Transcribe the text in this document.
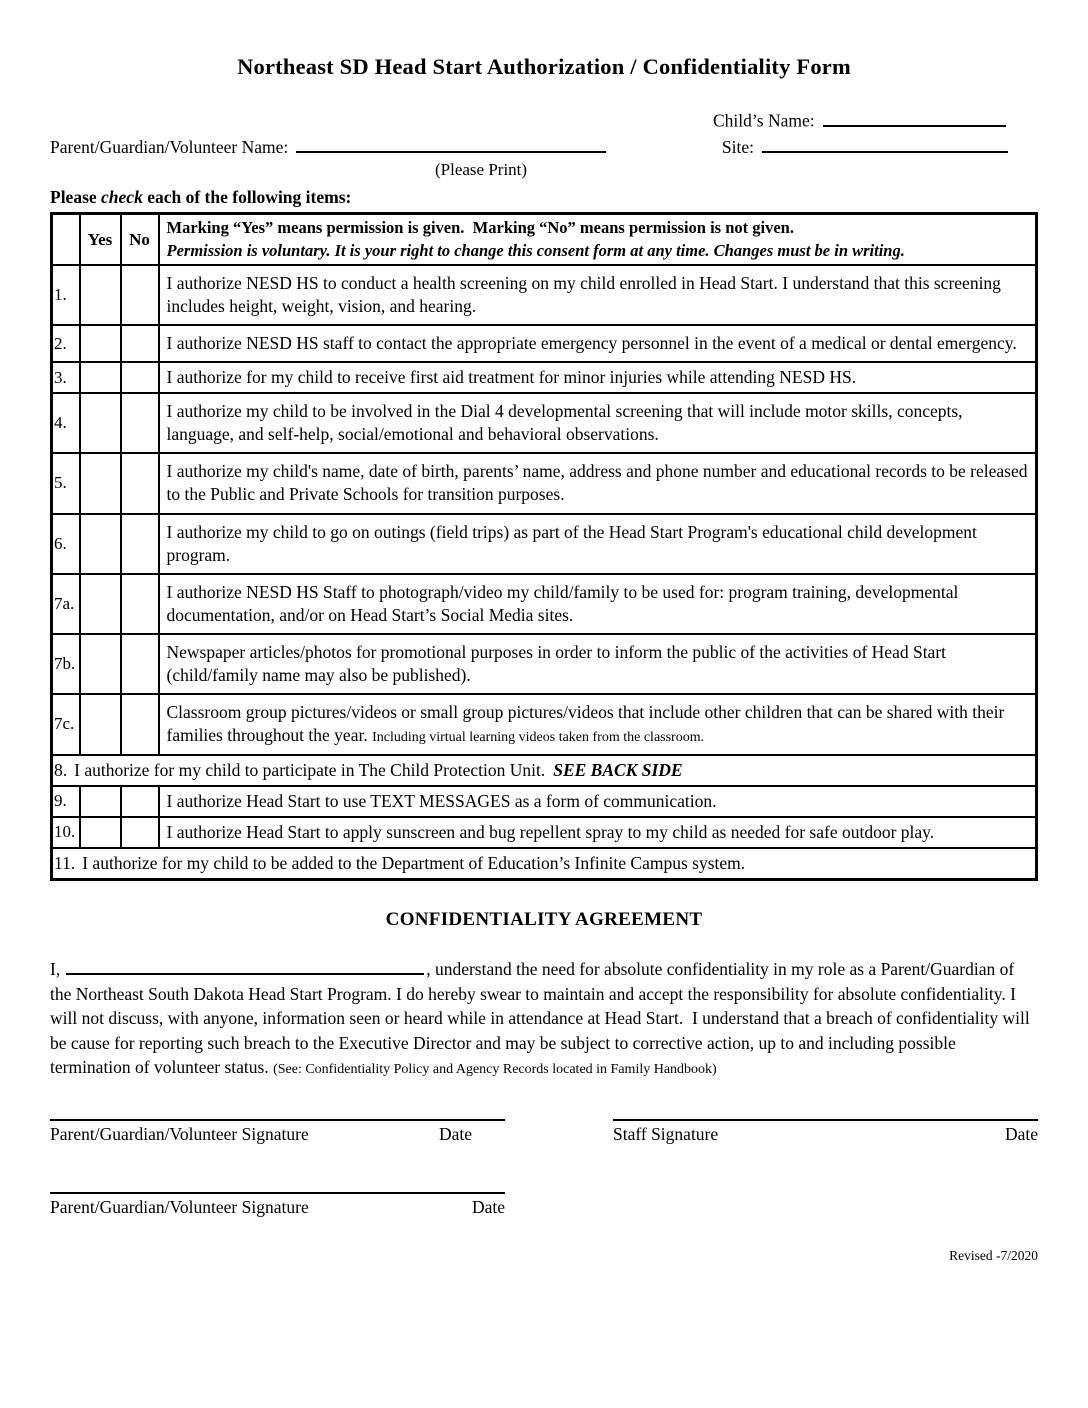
Northeast SD Head Start Authorization / Confidentiality Form
Child’s Name:
Parent/Guardian/Volunteer Name:	Site:
(Please Print)
Please check each of the following items:
	Yes	No	Marking “Yes” means permission is given.  Marking “No” means permission is not given.
Permission is voluntary. It is your right to change this consent form at any time. Changes must be in writing.

1.			I authorize NESD HS to conduct a health screening on my child enrolled in Head Start. I understand that this screening includes height, weight, vision, and hearing.
2.			I authorize NESD HS staff to contact the appropriate emergency personnel in the event of a medical or dental emergency.
3.			I authorize for my child to receive first aid treatment for minor injuries while attending NESD HS.
4.			I authorize my child to be involved in the Dial 4 developmental screening that will include motor skills, concepts, language, and self-help, social/emotional and behavioral observations.
5.			I authorize my child's name, date of birth, parents’ name, address and phone number and educational records to be released to the Public and Private Schools for transition purposes.
6.			I authorize my child to go on outings (field trips) as part of the Head Start Program's educational child development program.
7a.			I authorize NESD HS Staff to photograph/video my child/family to be used for: program training, developmental documentation, and/or on Head Start’s Social Media sites.
7b.			Newspaper articles/photos for promotional purposes in order to inform the public of the activities of Head Start (child/family name may also be published).
7c.			Classroom group pictures/videos or small group pictures/videos that include other children that can be shared with their families throughout the year. Including virtual learning videos taken from the classroom.
8. I authorize for my child to participate in The Child Protection Unit. SEE BACK SIDE			
9.			I authorize Head Start to use TEXT MESSAGES as a form of communication.
10.			I authorize Head Start to apply sunscreen and bug repellent spray to my child as needed for safe outdoor play.
11. I authorize for my child to be added to the Department of Education’s Infinite Campus system.			
CONFIDENTIALITY AGREEMENT
I,	, understand the need for absolute confidentiality in my role as a Parent/Guardian of the Northeast South Dakota Head Start Program. I do hereby swear to maintain and accept the responsibility for absolute confidentiality. I will not discuss, with anyone, information seen or heard while in attendance at Head Start.  I understand that a breach of confidentiality will be cause for reporting such breach to the Executive Director and may be subject to corrective action, up to and including possible termination of volunteer status. (See: Confidentiality Policy and Agency Records located in Family Handbook)
Parent/Guardian/Volunteer Signature	Date	Staff Signature	Date
Parent/Guardian/Volunteer Signature	Date
Revised -7/2020
